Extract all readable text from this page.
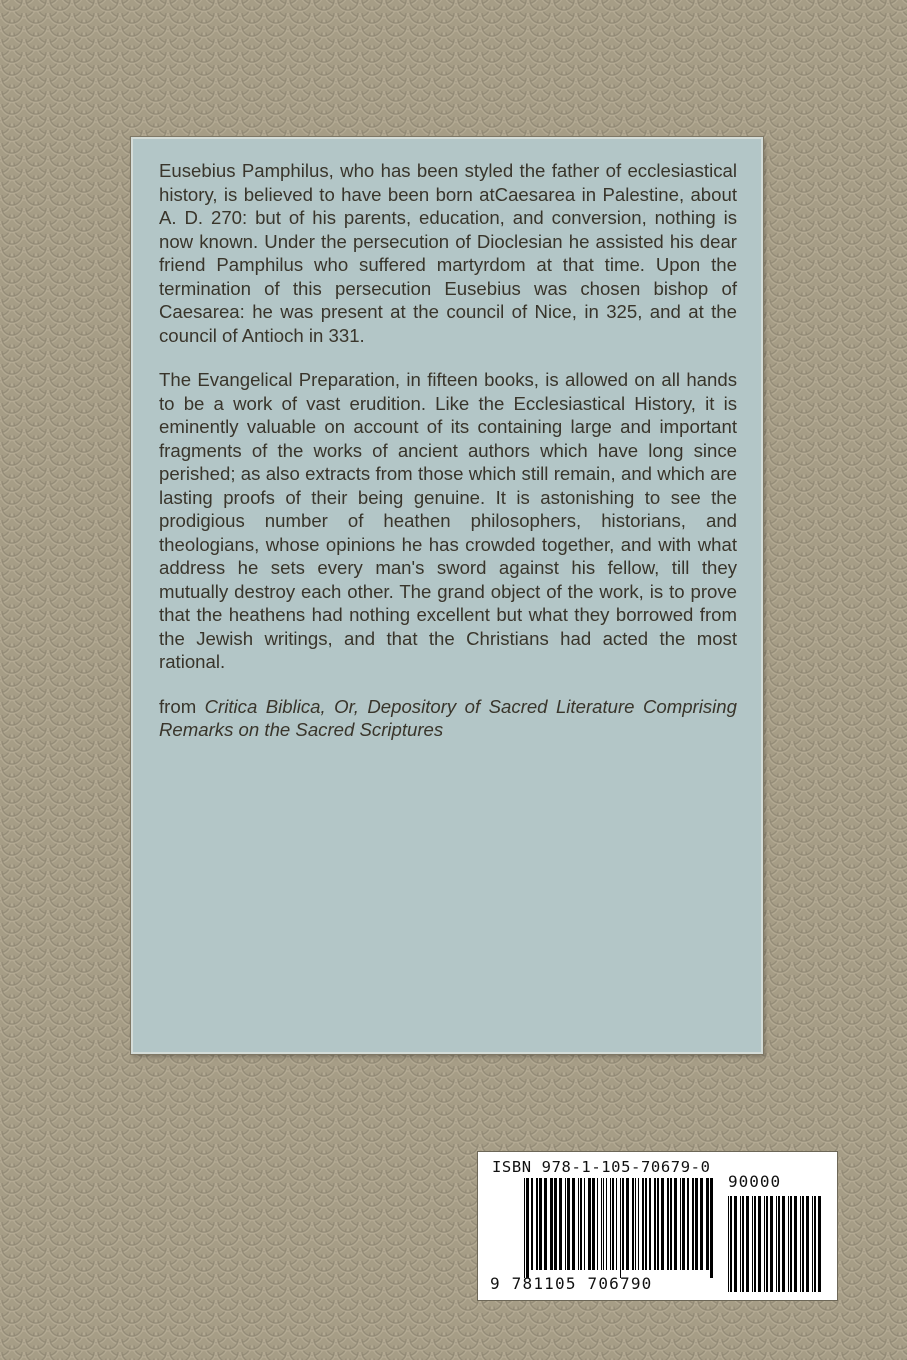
Eusebius Pamphilus, who has been styled the father of ecclesiastical history, is believed to have been born atCaesarea in Palestine, about A. D. 270: but of his parents, education, and conversion, nothing is now known. Under the persecution of Dioclesian he assisted his dear friend Pamphilus who suffered martyrdom at that time. Upon the termination of this persecution Eusebius was chosen bishop of Caesarea: he was present at the council of Nice, in 325, and at the council of Antioch in 331.

The Evangelical Preparation, in fifteen books, is allowed on all hands to be a work of vast erudition. Like the Ecclesiastical History, it is eminently valuable on account of its containing large and important fragments of the works of ancient authors which have long since perished; as also extracts from those which still remain, and which are lasting proofs of their being genuine. It is astonishing to see the prodigious number of heathen philosophers, historians, and theologians, whose opinions he has crowded together, and with what address he sets every man's sword against his fellow, till they mutually destroy each other. The grand object of the work, is to prove that the heathens had nothing excellent but what they borrowed from the Jewish writings, and that the Christians had acted the most rational.

from Critica Biblica, Or, Depository of Sacred Literature Comprising Remarks on the Sacred Scriptures

ISBN 978-1-105-70679-0
90000
9 781105 706790
